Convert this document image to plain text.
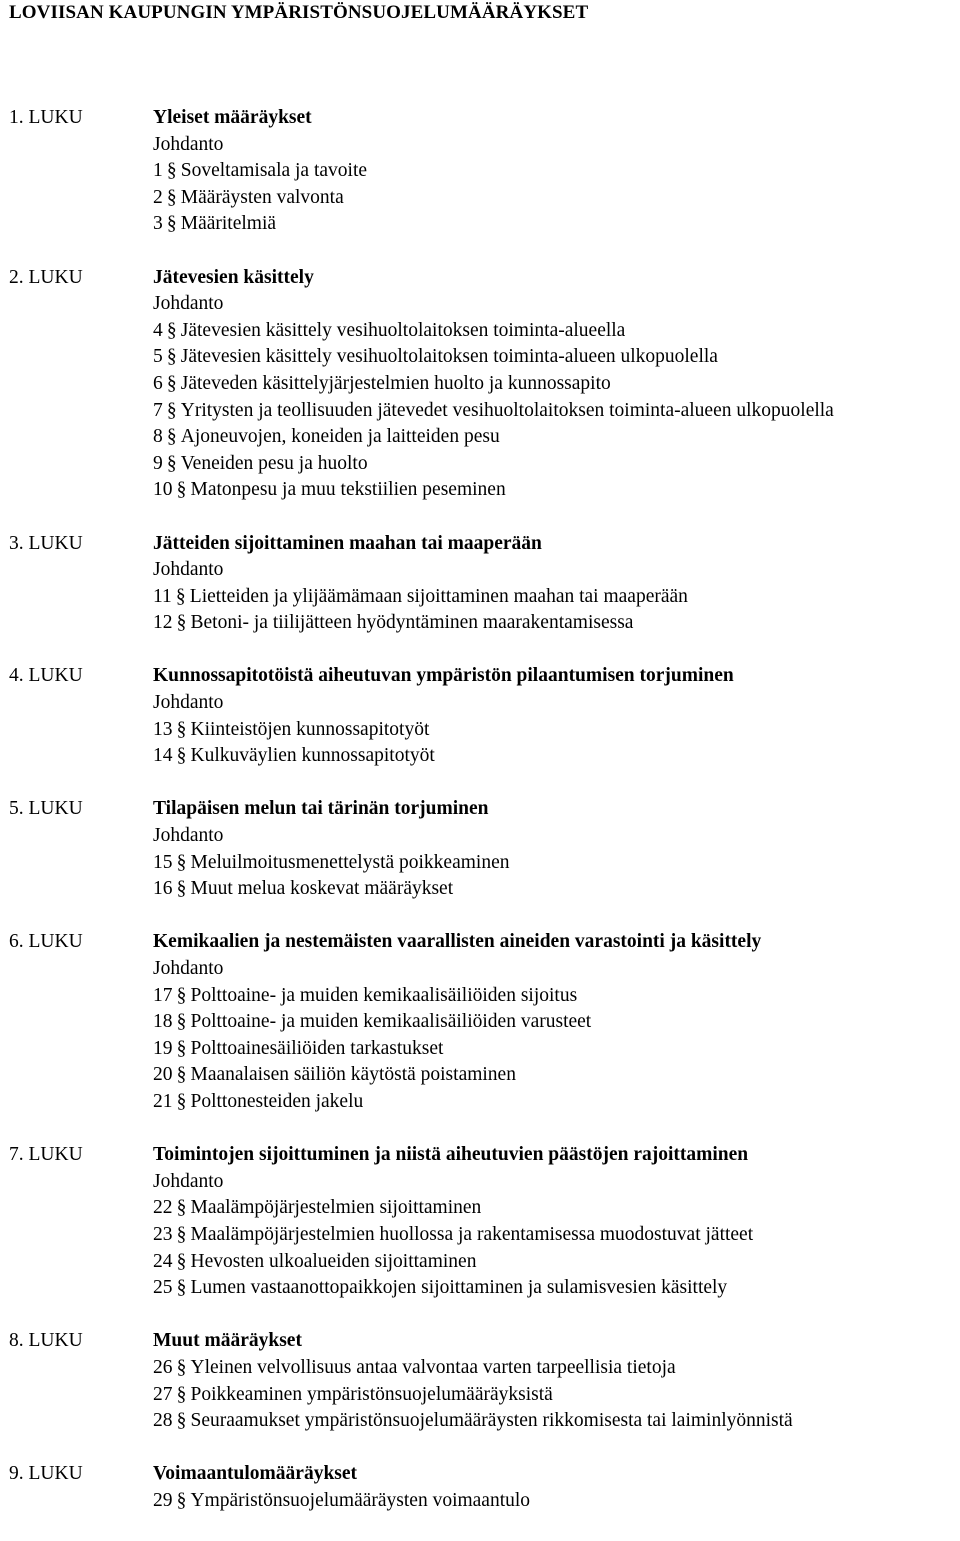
LOVIISAN KAUPUNGIN YMPÄRISTÖNSUOJELUMÄÄRÄYKSET
1. LUKU	Yleiset määräykset
Johdanto
1 § Soveltamisala ja tavoite
2 § Määräysten valvonta
3 § Määritelmiä
2. LUKU	Jätevesien käsittely
Johdanto
4 § Jätevesien käsittely vesihuoltolaitoksen toiminta-alueella
5 § Jätevesien käsittely vesihuoltolaitoksen toiminta-alueen ulkopuolella
6 § Jäteveden käsittelyjärjestelmien huolto ja kunnossapito
7 § Yritysten ja teollisuuden jätevedet vesihuoltolaitoksen toiminta-alueen ulkopuolella
8 § Ajoneuvojen, koneiden ja laitteiden pesu
9 § Veneiden pesu ja huolto
10 § Matonpesu ja muu tekstiilien peseminen
3. LUKU	Jätteiden sijoittaminen maahan tai maaperään
Johdanto
11 § Lietteiden ja ylijäämämaan sijoittaminen maahan tai maaperään
12 § Betoni- ja tiilijätteen hyödyntäminen maarakentamisessa
4. LUKU	Kunnossapitotöistä aiheutuvan ympäristön pilaantumisen torjuminen
Johdanto
13 § Kiinteistöjen kunnossapitotyöt
14 § Kulkuväylien kunnossapitotyöt
5. LUKU	Tilapäisen melun tai tärinän torjuminen
Johdanto
15 § Meluilmoitusmenettelystä poikkeaminen
16 § Muut melua koskevat määräykset
6. LUKU	Kemikaalien ja nestemäisten vaarallisten aineiden varastointi ja käsittely
Johdanto
17 § Polttoaine- ja muiden kemikaalisäiliöiden sijoitus
18 § Polttoaine- ja muiden kemikaalisäiliöiden varusteet
19 § Polttoainesäiliöiden tarkastukset
20 § Maanalaisen säiliön käytöstä poistaminen
21 § Polttonesteiden jakelu
7. LUKU	Toimintojen sijoittuminen ja niistä aiheutuvien päästöjen rajoittaminen
Johdanto
22 § Maalämpöjärjestelmien sijoittaminen
23 § Maalämpöjärjestelmien huollossa ja rakentamisessa muodostuvat jätteet
24 § Hevosten ulkoalueiden sijoittaminen
25 § Lumen vastaanottopaikkojen sijoittaminen ja sulamisvesien käsittely
8. LUKU	Muut määräykset
26 § Yleinen velvollisuus antaa valvontaa varten tarpeellisia tietoja
27 § Poikkeaminen ympäristönsuojelumääräyksistä
28 § Seuraamukset ympäristönsuojelumääräysten rikkomisesta tai laiminlyönnistä
9. LUKU	Voimaantulomääräykset
29 § Ympäristönsuojelumääräysten voimaantulo
